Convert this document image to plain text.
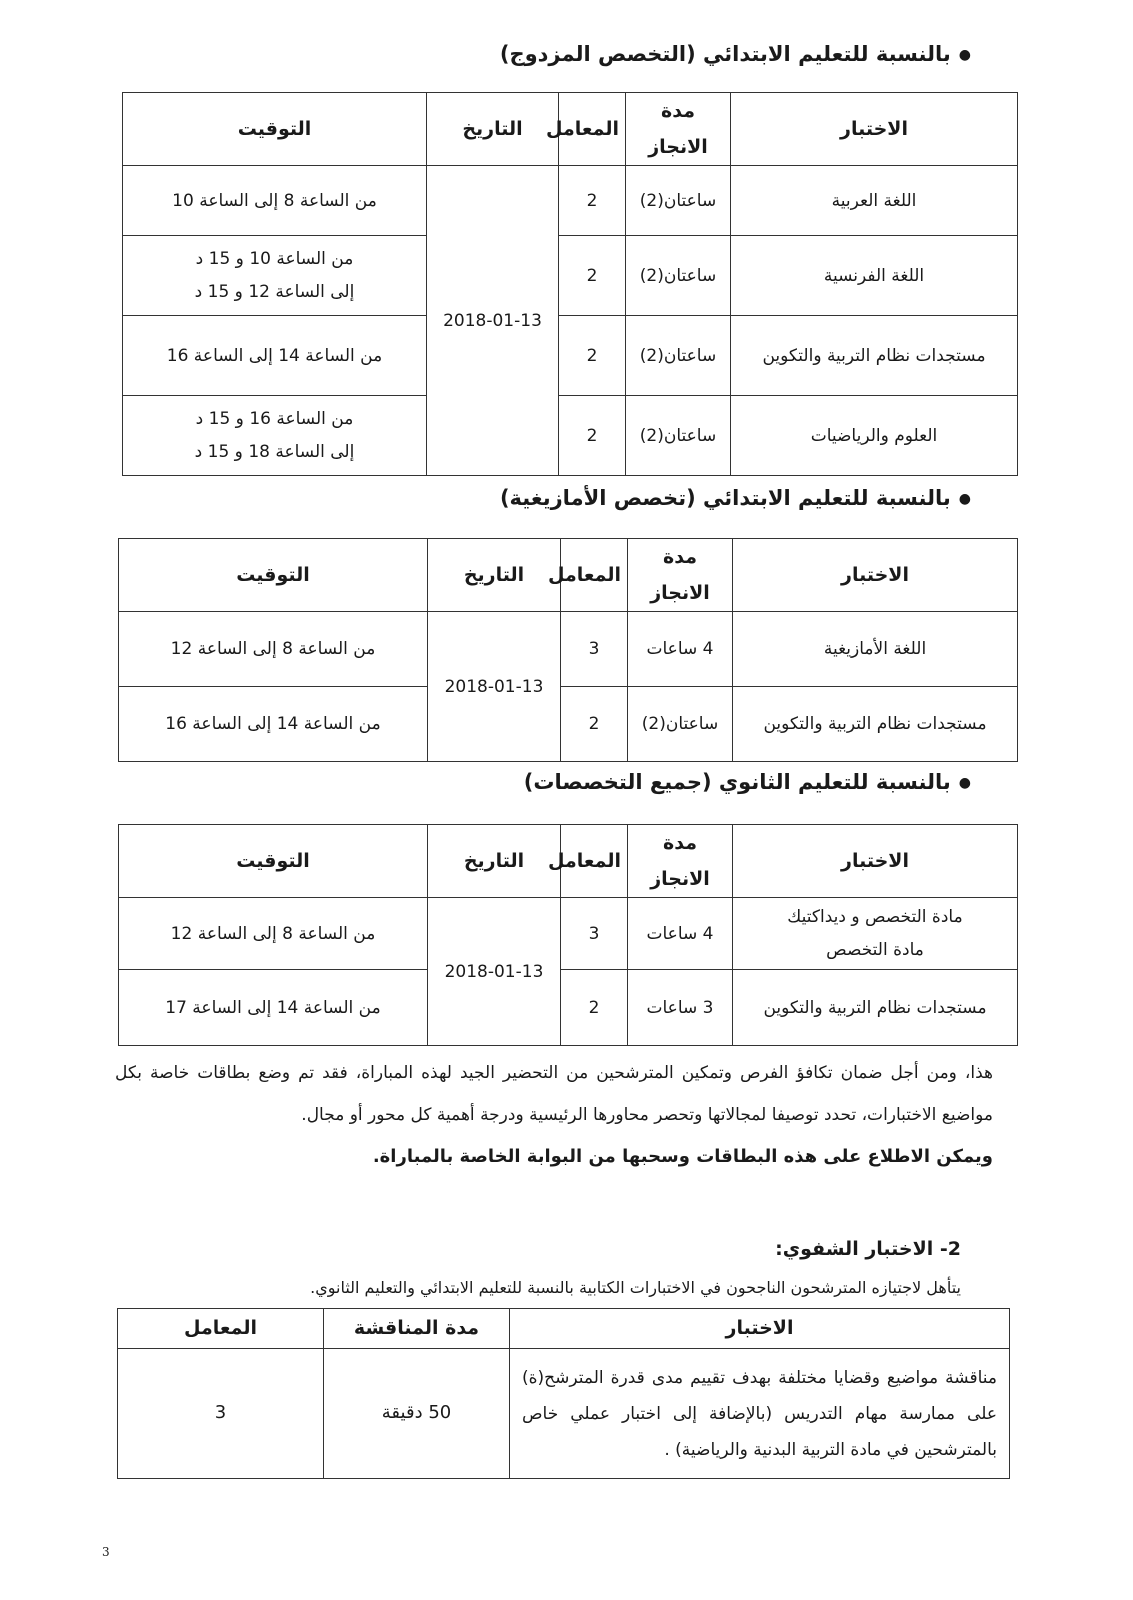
●بالنسبة للتعليم الابتدائي (التخصص المزدوج)
الاختبار	مدة الانجاز	المعامل	التاريخ	التوقيت
اللغة العربية	ساعتان(2)	2	2018-01-13	من الساعة 8 إلى الساعة 10
اللغة الفرنسية	ساعتان(2)	2		من الساعة 10 و 15 د
إلى الساعة 12 و 15 د

مستجدات نظام التربية والتكوين	ساعتان(2)	2		من الساعة 14 إلى الساعة 16
العلوم والرياضيات	ساعتان(2)	2		من الساعة 16 و 15 د
إلى الساعة 18 و 15 د
●بالنسبة للتعليم الابتدائي (تخصص الأمازيغية)
الاختبار	مدة الانجاز	المعامل	التاريخ	التوقيت
اللغة الأمازيغية	4 ساعات	3	2018-01-13	من الساعة 8 إلى الساعة 12
مستجدات نظام التربية والتكوين	ساعتان(2)	2		من الساعة 14 إلى الساعة 16
●بالنسبة للتعليم الثانوي (جميع التخصصات)
الاختبار	مدة الانجاز	المعامل	التاريخ	التوقيت

مادة التخصص و ديداكتيك
مادة التخصص	4 ساعات	3	2018-01-13	من الساعة 8 إلى الساعة 12
مستجدات نظام التربية والتكوين	3 ساعات	2		من الساعة 14 إلى الساعة 17

هذا، ومن أجل ضمان تكافؤ الفرص وتمكين المترشحين من التحضير الجيد لهذه المباراة، فقد تم وضع بطاقات خاصة بكل مواضيع الاختبارات، تحدد توصيفا لمجالاتها وتحصر محاورها الرئيسية ودرجة أهمية كل محور أو مجال.

ويمكن الاطلاع على هذه البطاقات وسحبها من البوابة الخاصة بالمباراة.

2- الاختبار الشفوي:
يتأهل لاجتيازه المترشحون الناجحون في الاختبارات الكتابية بالنسبة للتعليم الابتدائي والتعليم الثانوي.
الاختبار	مدة المناقشة	المعامل
مناقشة مواضيع وقضايا مختلفة بهدف تقييم مدى قدرة المترشح(ة) على ممارسة مهام التدريس (بالإضافة إلى اختبار عملي خاص بالمترشحين في مادة التربية البدنية والرياضية) .	50 دقيقة	3
3
